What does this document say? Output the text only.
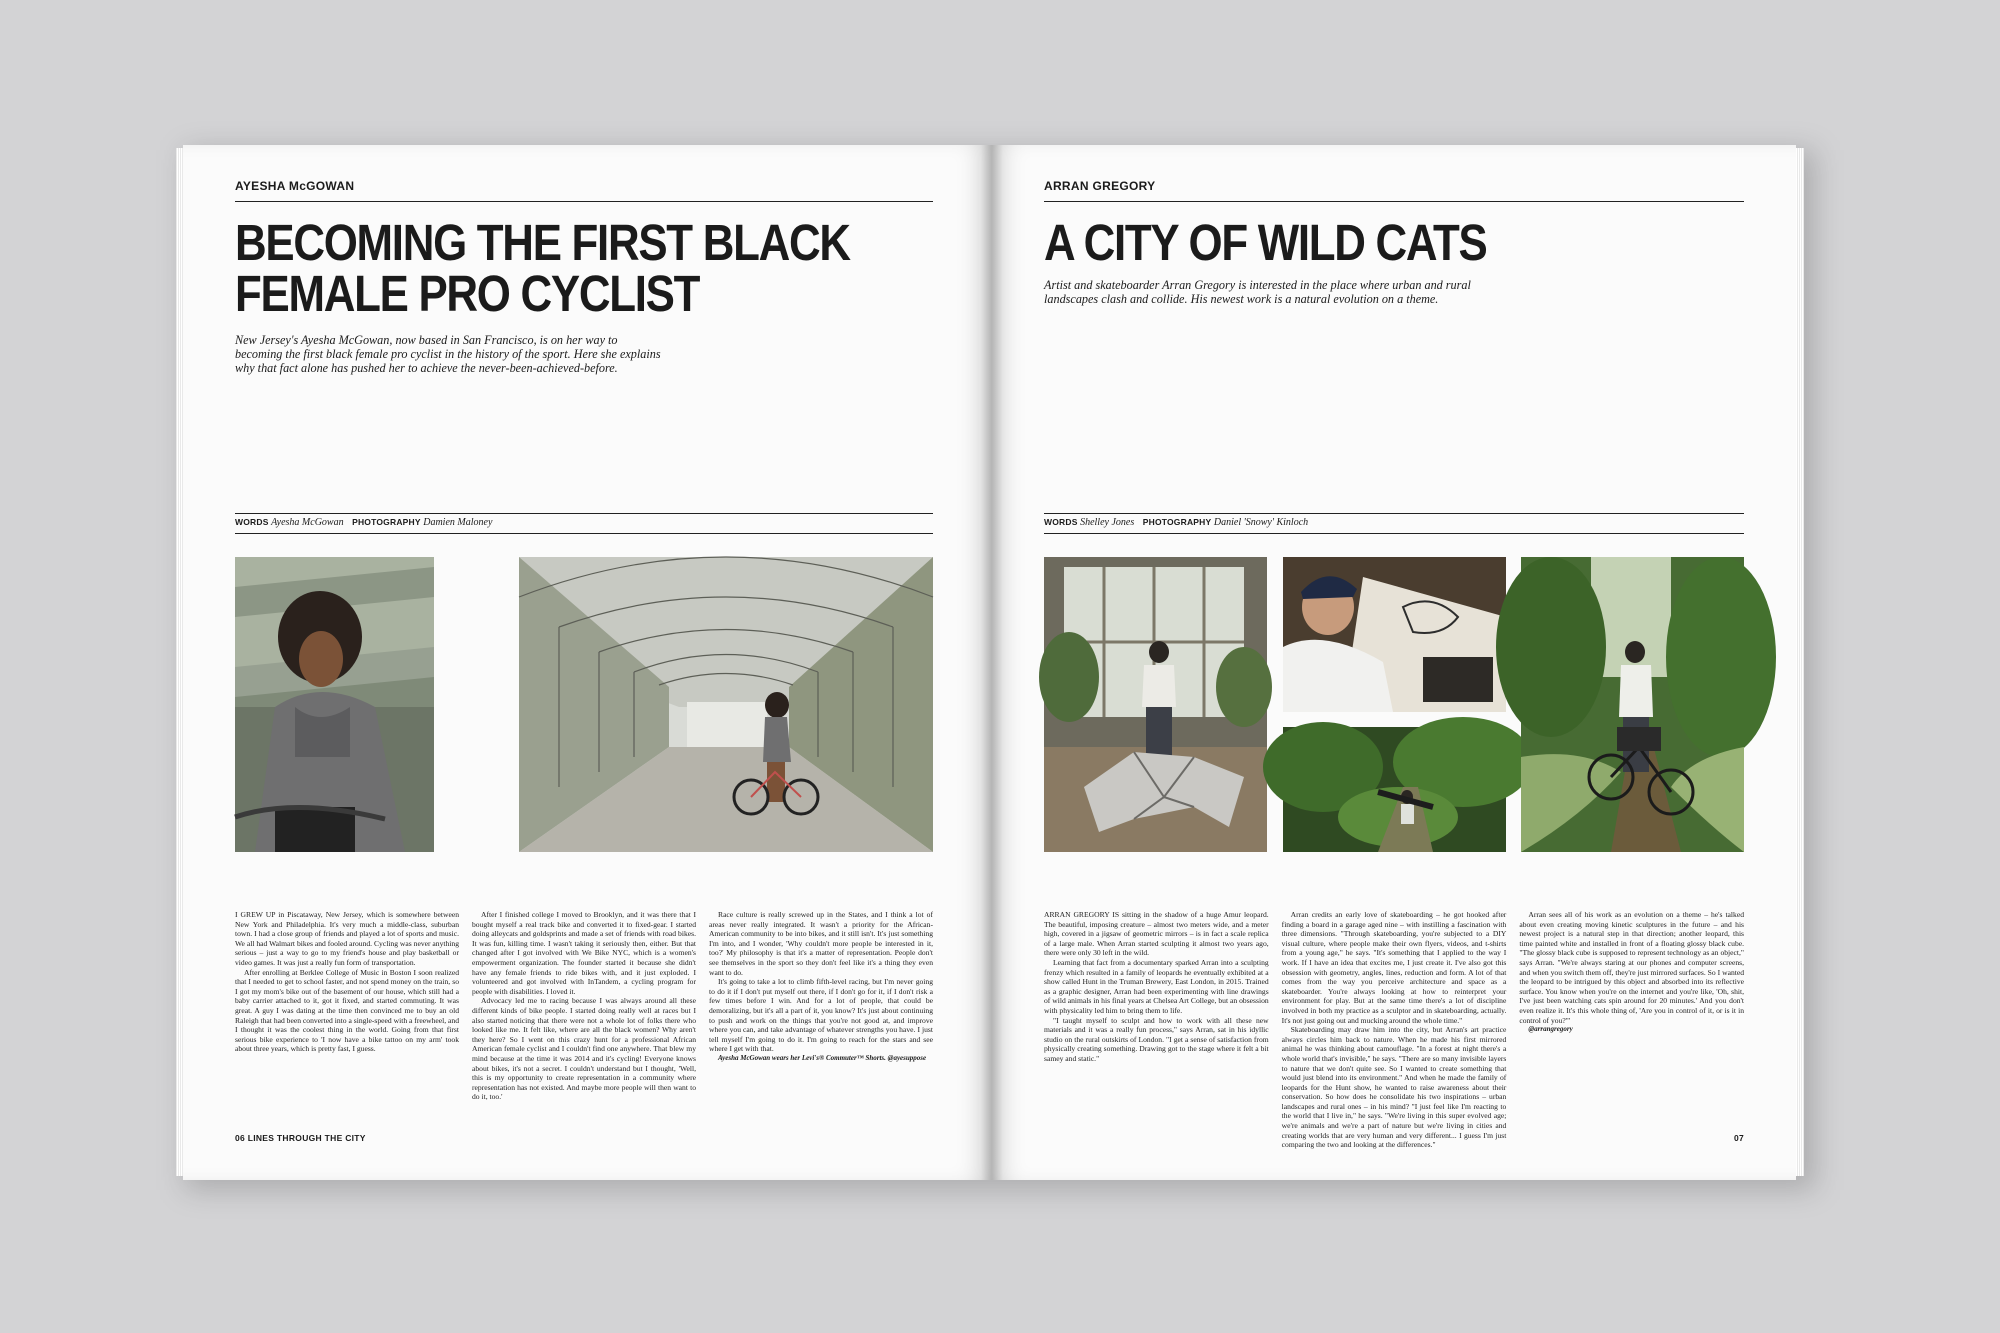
AYESHA McGOWAN
BECOMING THE FIRST BLACK
FEMALE PRO CYCLIST
New Jersey's Ayesha McGowan, now based in San Francisco, is on her way to becoming the first black female pro cyclist in the history of the sport. Here she explains why that fact alone has pushed her to achieve the never-been-achieved-before.
WORDS Ayesha McGowan PHOTOGRAPHY Damien Maloney

I GREW UP in Piscataway, New Jersey, which is somewhere between New York and Philadelphia. It's very much a middle-class, suburban town. I had a close group of friends and played a lot of sports and music. We all had Walmart bikes and fooled around. Cycling was never anything serious – just a way to go to my friend's house and play basketball or video games. It was just a really fun form of transportation.

After enrolling at Berklee College of Music in Boston I soon realized that I needed to get to school faster, and not spend money on the train, so I got my mom's bike out of the basement of our house, which still had a baby carrier attached to it, got it fixed, and started commuting. It was great. A guy I was dating at the time then convinced me to buy an old Raleigh that had been converted into a single-speed with a freewheel, and I thought it was the coolest thing in the world. Going from that first serious bike experience to 'I now have a bike tattoo on my arm' took about three years, which is pretty fast, I guess.

After I finished college I moved to Brooklyn, and it was there that I bought myself a real track bike and converted it to fixed-gear. I started doing alleycats and goldsprints and made a set of friends with road bikes. It was fun, killing time. I wasn't taking it seriously then, either. But that changed after I got involved with We Bike NYC, which is a women's empowerment organization. The founder started it because she didn't have any female friends to ride bikes with, and it just exploded. I volunteered and got involved with InTandem, a cycling program for people with disabilities. I loved it.

Advocacy led me to racing because I was always around all these different kinds of bike people. I started doing really well at races but I also started noticing that there were not a whole lot of folks there who looked like me. It felt like, where are all the black women? Why aren't they here? So I went on this crazy hunt for a professional African American female cyclist and I couldn't find one anywhere. That blew my mind because at the time it was 2014 and it's cycling! Everyone knows about bikes, it's not a secret. I couldn't understand but I thought, 'Well, this is my opportunity to create representation in a community where representation has not existed. And maybe more people will then want to do it, too.'

Race culture is really screwed up in the States, and I think a lot of areas never really integrated. It wasn't a priority for the African-American community to be into bikes, and it still isn't. It's just something I'm into, and I wonder, 'Why couldn't more people be interested in it, too?' My philosophy is that it's a matter of representation. People don't see themselves in the sport so they don't feel like it's a thing they even want to do.

It's going to take a lot to climb fifth-level racing, but I'm never going to do it if I don't put myself out there, if I don't go for it, if I don't risk a few times before I win. And for a lot of people, that could be demoralizing, but it's all a part of it, you know? It's just about continuing to push and work on the things that you're not good at, and improve where you can, and take advantage of whatever strengths you have. I just tell myself I'm going to do it. I'm going to reach for the stars and see where I get with that.

Ayesha McGowan wears her Levi's® Commuter™ Shorts. @ayesuppose

06 LINES THROUGH THE CITY
ARRAN GREGORY
A CITY OF WILD CATS
Artist and skateboarder Arran Gregory is interested in the place where urban and rural landscapes clash and collide. His newest work is a natural evolution on a theme.
WORDS Shelley Jones PHOTOGRAPHY Daniel 'Snowy' Kinloch

ARRAN GREGORY IS sitting in the shadow of a huge Amur leopard. The beautiful, imposing creature – almost two meters wide, and a meter high, covered in a jigsaw of geometric mirrors – is in fact a scale replica of a large male. When Arran started sculpting it almost two years ago, there were only 30 left in the wild.

Learning that fact from a documentary sparked Arran into a sculpting frenzy which resulted in a family of leopards he eventually exhibited at a show called Hunt in the Truman Brewery, East London, in 2015. Trained as a graphic designer, Arran had been experimenting with line drawings of wild animals in his final years at Chelsea Art College, but an obsession with physicality led him to bring them to life.

"I taught myself to sculpt and how to work with all these new materials and it was a really fun process," says Arran, sat in his idyllic studio on the rural outskirts of London. "I get a sense of satisfaction from physically creating something. Drawing got to the stage where it felt a bit samey and static."

Arran credits an early love of skateboarding – he got hooked after finding a board in a garage aged nine – with instilling a fascination with three dimensions. "Through skateboarding, you're subjected to a DIY visual culture, where people make their own flyers, videos, and t-shirts from a young age," he says. "It's something that I applied to the way I work. If I have an idea that excites me, I just create it. I've also got this obsession with geometry, angles, lines, reduction and form. A lot of that comes from the way you perceive architecture and space as a skateboarder. You're always looking at how to reinterpret your environment for play. But at the same time there's a lot of discipline involved in both my practice as a sculptor and in skateboarding, actually. It's not just going out and mucking around the whole time."

Skateboarding may draw him into the city, but Arran's art practice always circles him back to nature. When he made his first mirrored animal he was thinking about camouflage. "In a forest at night there's a whole world that's invisible," he says. "There are so many invisible layers to nature that we don't quite see. So I wanted to create something that would just blend into its environment." And when he made the family of leopards for the Hunt show, he wanted to raise awareness about their conservation. So how does he consolidate his two inspirations – urban landscapes and rural ones – in his mind? "I just feel like I'm reacting to the world that I live in," he says. "We're living in this super evolved age; we're animals and we're a part of nature but we're living in cities and creating worlds that are very human and very different... I guess I'm just comparing the two and looking at the differences."

Arran sees all of his work as an evolution on a theme – he's talked about even creating moving kinetic sculptures in the future – and his newest project is a natural step in that direction; another leopard, this time painted white and installed in front of a floating glossy black cube. "The glossy black cube is supposed to represent technology as an object," says Arran. "We're always staring at our phones and computer screens, and when you switch them off, they're just mirrored surfaces. So I wanted the leopard to be intrigued by this object and absorbed into its reflective surface. You know when you're on the internet and you're like, 'Oh, shit, I've just been watching cats spin around for 20 minutes.' And you don't even realize it. It's this whole thing of, 'Are you in control of it, or is it in control of you?'"

@arrangregory

07
